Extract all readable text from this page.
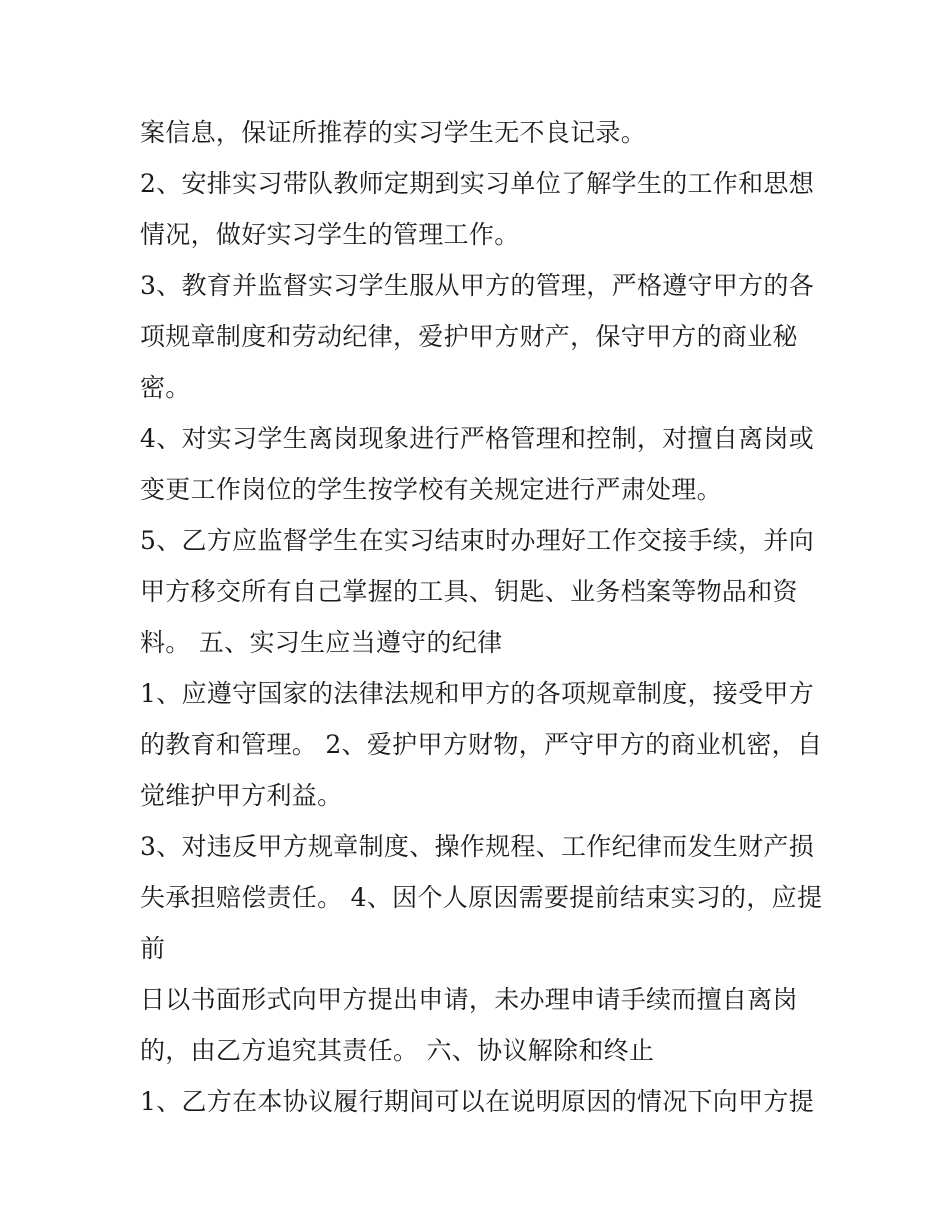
案信息，保证所推荐的实习学生无不良记录。
2、安排实习带队教师定期到实习单位了解学生的工作和思想
情况，做好实习学生的管理工作。
3、教育并监督实习学生服从甲方的管理，严格遵守甲方的各
项规章制度和劳动纪律，爱护甲方财产，保守甲方的商业秘
密。
4、对实习学生离岗现象进行严格管理和控制，对擅自离岗或
变更工作岗位的学生按学校有关规定进行严肃处理。
5、乙方应监督学生在实习结束时办理好工作交接手续，并向
甲方移交所有自己掌握的工具、钥匙、业务档案等物品和资
料。 五、实习生应当遵守的纪律
1、应遵守国家的法律法规和甲方的各项规章制度，接受甲方
的教育和管理。 2、爱护甲方财物，严守甲方的商业机密，自
觉维护甲方利益。
3、对违反甲方规章制度、操作规程、工作纪律而发生财产损
失承担赔偿责任。 4、因个人原因需要提前结束实习的，应提
前
日以书面形式向甲方提出申请，未办理申请手续而擅自离岗
的，由乙方追究其责任。 六、协议解除和终止
1、乙方在本协议履行期间可以在说明原因的情况下向甲方提
